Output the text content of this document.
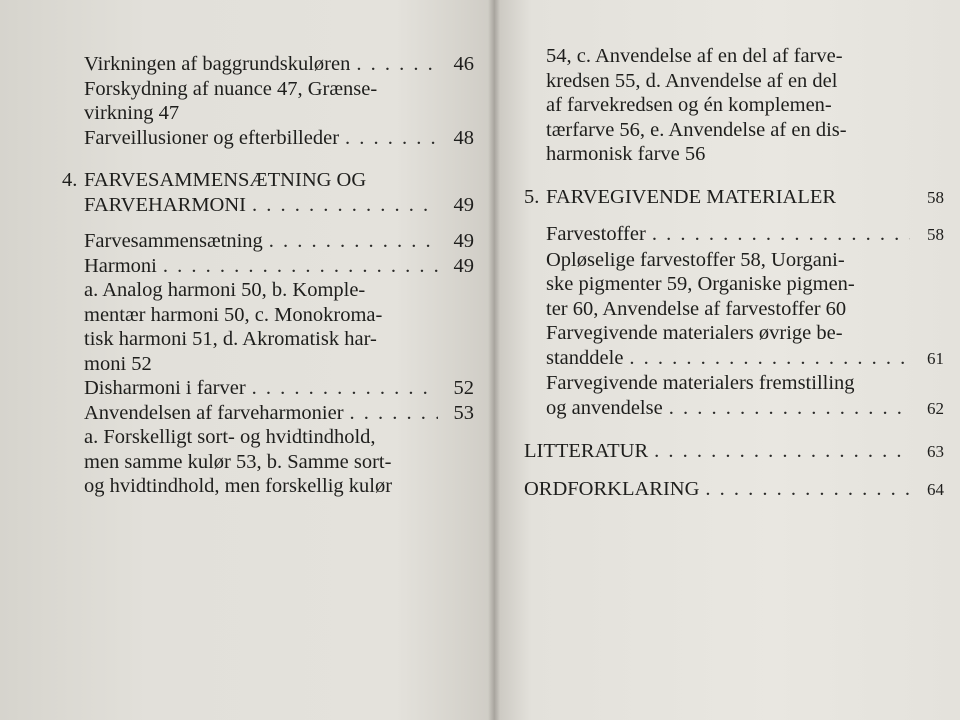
Virkningen af baggrundskuløren . . .	46
Forskydning af nuance 47, Grænse-
virkning 47
Farveillusioner og efterbilleder . . .	48
4. FARVESAMMENSÆTNING OG
FARVEHARMONI . . .	49
Farvesammensætning . . .	49
Harmoni . . .	49
a. Analog harmoni 50, b. Komple-
mentær harmoni 50, c. Monokroma-
tisk harmoni 51, d. Akromatisk har-
moni 52
Disharmoni i farver . . .	52
Anvendelsen af farveharmonier . . .	53
a. Forskelligt sort- og hvidtindhold,
men samme kulør 53, b. Samme sort-
og hvidtindhold, men forskellig kulør
54, c. Anvendelse af en del af farve-
kredsen 55, d. Anvendelse af en del
af farvekredsen og én komplemen-
tærfarve 56, e. Anvendelse af en dis-
harmonisk farve 56
5. FARVEGIVENDE MATERIALER	58
Farvestoffer . . .	58
Opløselige farvestoffer 58, Uorgani-
ske pigmenter 59, Organiske pigmen-
ter 60, Anvendelse af farvestoffer 60
Farvegivende materialers øvrige be-
standdele . . .	61
Farvegivende materialers fremstilling
og anvendelse . . .	62
LITTERATUR . . .	63
ORDFORKLARING . . .	64
